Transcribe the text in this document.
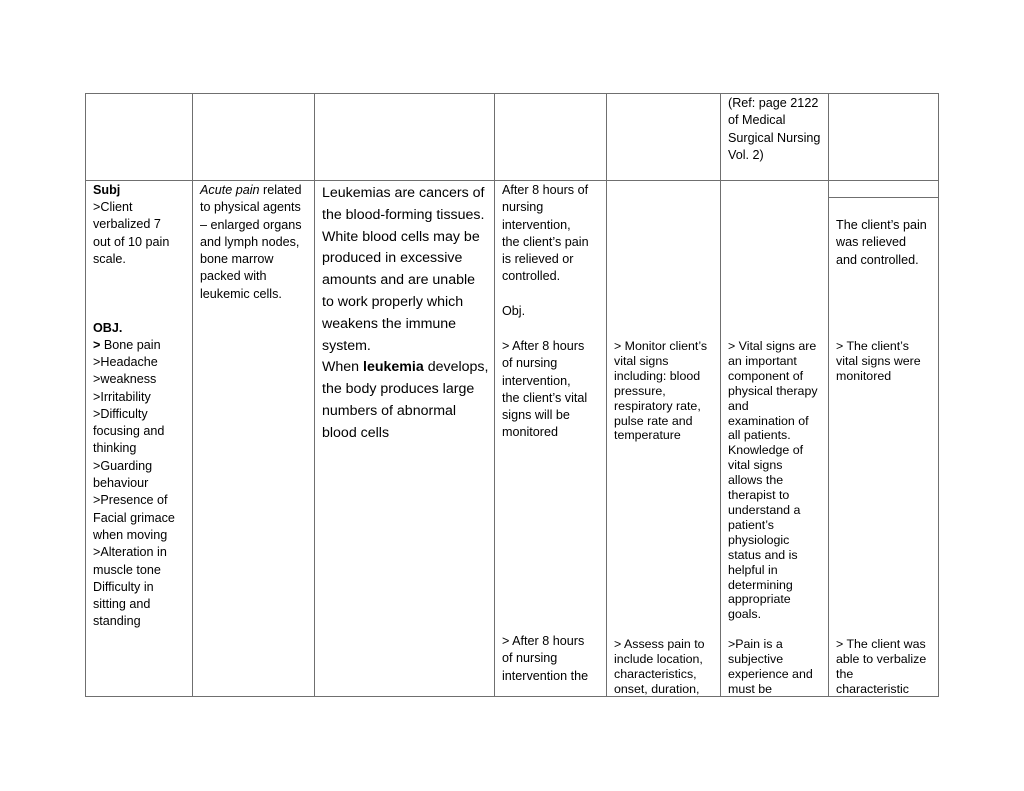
(Ref: page 2122
of Medical
Surgical Nursing
Vol. 2)
Subj
>Client
verbalized 7
out of 10 pain
scale.
OBJ.
> Bone pain
>Headache
>weakness
>Irritability
>Difficulty
focusing and
thinking
>Guarding
behaviour
>Presence of
Facial grimace
when moving
>Alteration in
muscle tone
Difficulty in
sitting and
standing
Acute pain related
to physical agents
– enlarged organs
and lymph nodes,
bone marrow
packed with
leukemic cells.
Leukemias are cancers of
the blood-forming tissues.
White blood cells may be
produced in excessive
amounts and are unable
to work properly which
weakens the immune
system.
When leukemia develops,
the body produces large
numbers of abnormal
blood cells
After 8 hours of
nursing
intervention,
the client’s pain
is relieved or
controlled.
Obj.
> After 8 hours
of nursing
intervention,
the client’s vital
signs will be
monitored
> After 8 hours
of nursing
intervention the
> Monitor client’s
vital signs
including: blood
pressure,
respiratory rate,
pulse rate and
temperature
> Assess pain to
include location,
characteristics,
onset, duration,
> Vital signs are
an important
component of
physical therapy
and
examination of
all patients.
Knowledge of
vital signs
allows the
therapist to
understand a
patient’s
physiologic
status and is
helpful in
determining
appropriate
goals.
>Pain is a
subjective
experience and
must be
The client’s pain
was relieved
and controlled.
> The client’s
vital signs were
monitored
> The client was
able to verbalize
the
characteristic
